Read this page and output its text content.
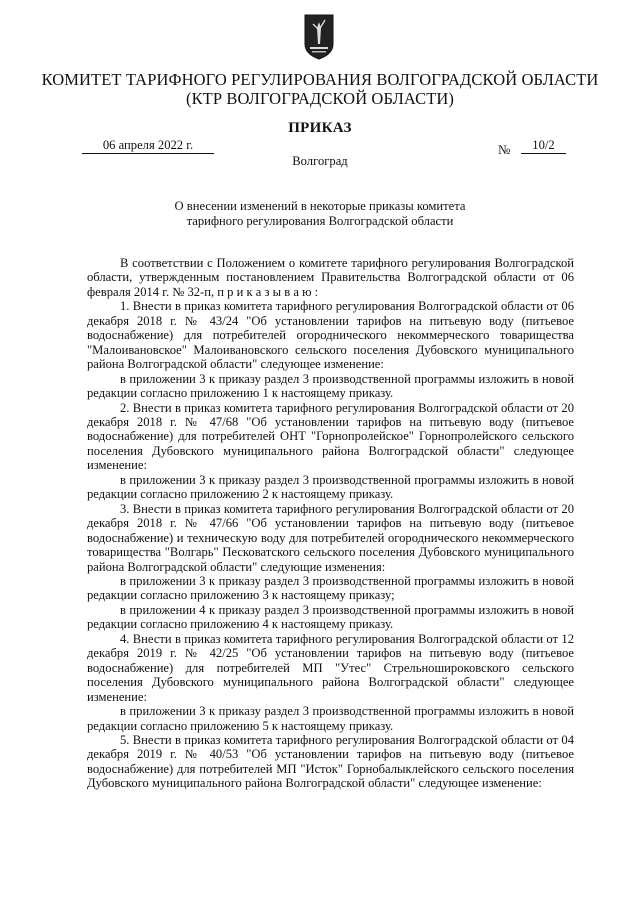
КОМИТЕТ ТАРИФНОГО РЕГУЛИРОВАНИЯ ВОЛГОГРАДСКОЙ ОБЛАСТИ
(КТР ВОЛГОГРАДСКОЙ ОБЛАСТИ)
ПРИКАЗ
06 апреля 2022 г.	№	10/2
Волгоград
О внесении изменений в некоторые приказы комитета
тарифного регулирования Волгоградской области

В соответствии с Положением о комитете тарифного регулирования Волгоградской области, утвержденным постановлением Правительства Волгоградской области от 06 февраля 2014 г. № 32-п, п р и к а з ы в а ю :

1. Внести в приказ комитета тарифного регулирования Волгоградской области от 06 декабря 2018 г. № 43/24 "Об установлении тарифов на питьевую воду (питьевое водоснабжение) для потребителей огороднического некоммерческого товарищества "Малоивановское" Малоивановского сельского поселения Дубовского муниципального района Волгоградской области" следующее изменение:

в приложении 3 к приказу раздел 3 производственной программы изложить в новой редакции согласно приложению 1 к настоящему приказу.

2. Внести в приказ комитета тарифного регулирования Волгоградской области от 20 декабря 2018 г. № 47/68 "Об установлении тарифов на питьевую воду (питьевое водоснабжение) для потребителей ОНТ "Горнопролейское" Горнопролейского сельского поселения Дубовского муниципального района Волгоградской области" следующее изменение:

в приложении 3 к приказу раздел 3 производственной программы изложить в новой редакции согласно приложению 2 к настоящему приказу.

3. Внести в приказ комитета тарифного регулирования Волгоградской области от 20 декабря 2018 г. № 47/66 "Об установлении тарифов на питьевую воду (питьевое водоснабжение) и техническую воду для потребителей огороднического некоммерческого товарищества "Волгарь" Песковатского сельского поселения Дубовского муниципального района Волгоградской области" следующие изменения:

в приложении 3 к приказу раздел 3 производственной программы изложить в новой редакции согласно приложению 3 к настоящему приказу;

в приложении 4 к приказу раздел 3 производственной программы изложить в новой редакции согласно приложению 4 к настоящему приказу.

4. Внести в приказ комитета тарифного регулирования Волгоградской области от 12 декабря 2019 г. № 42/25 "Об установлении тарифов на питьевую воду (питьевое водоснабжение) для потребителей МП "Утес" Стрельношироковского сельского поселения Дубовского муниципального района Волгоградской области" следующее изменение:

в приложении 3 к приказу раздел 3 производственной программы изложить в новой редакции согласно приложению 5 к настоящему приказу.

5. Внести в приказ комитета тарифного регулирования Волгоградской области от 04 декабря 2019 г. № 40/53 "Об установлении тарифов на питьевую воду (питьевое водоснабжение) для потребителей МП "Исток" Горнобалыклейского сельского поселения Дубовского муниципального района Волгоградской области" следующее изменение:
